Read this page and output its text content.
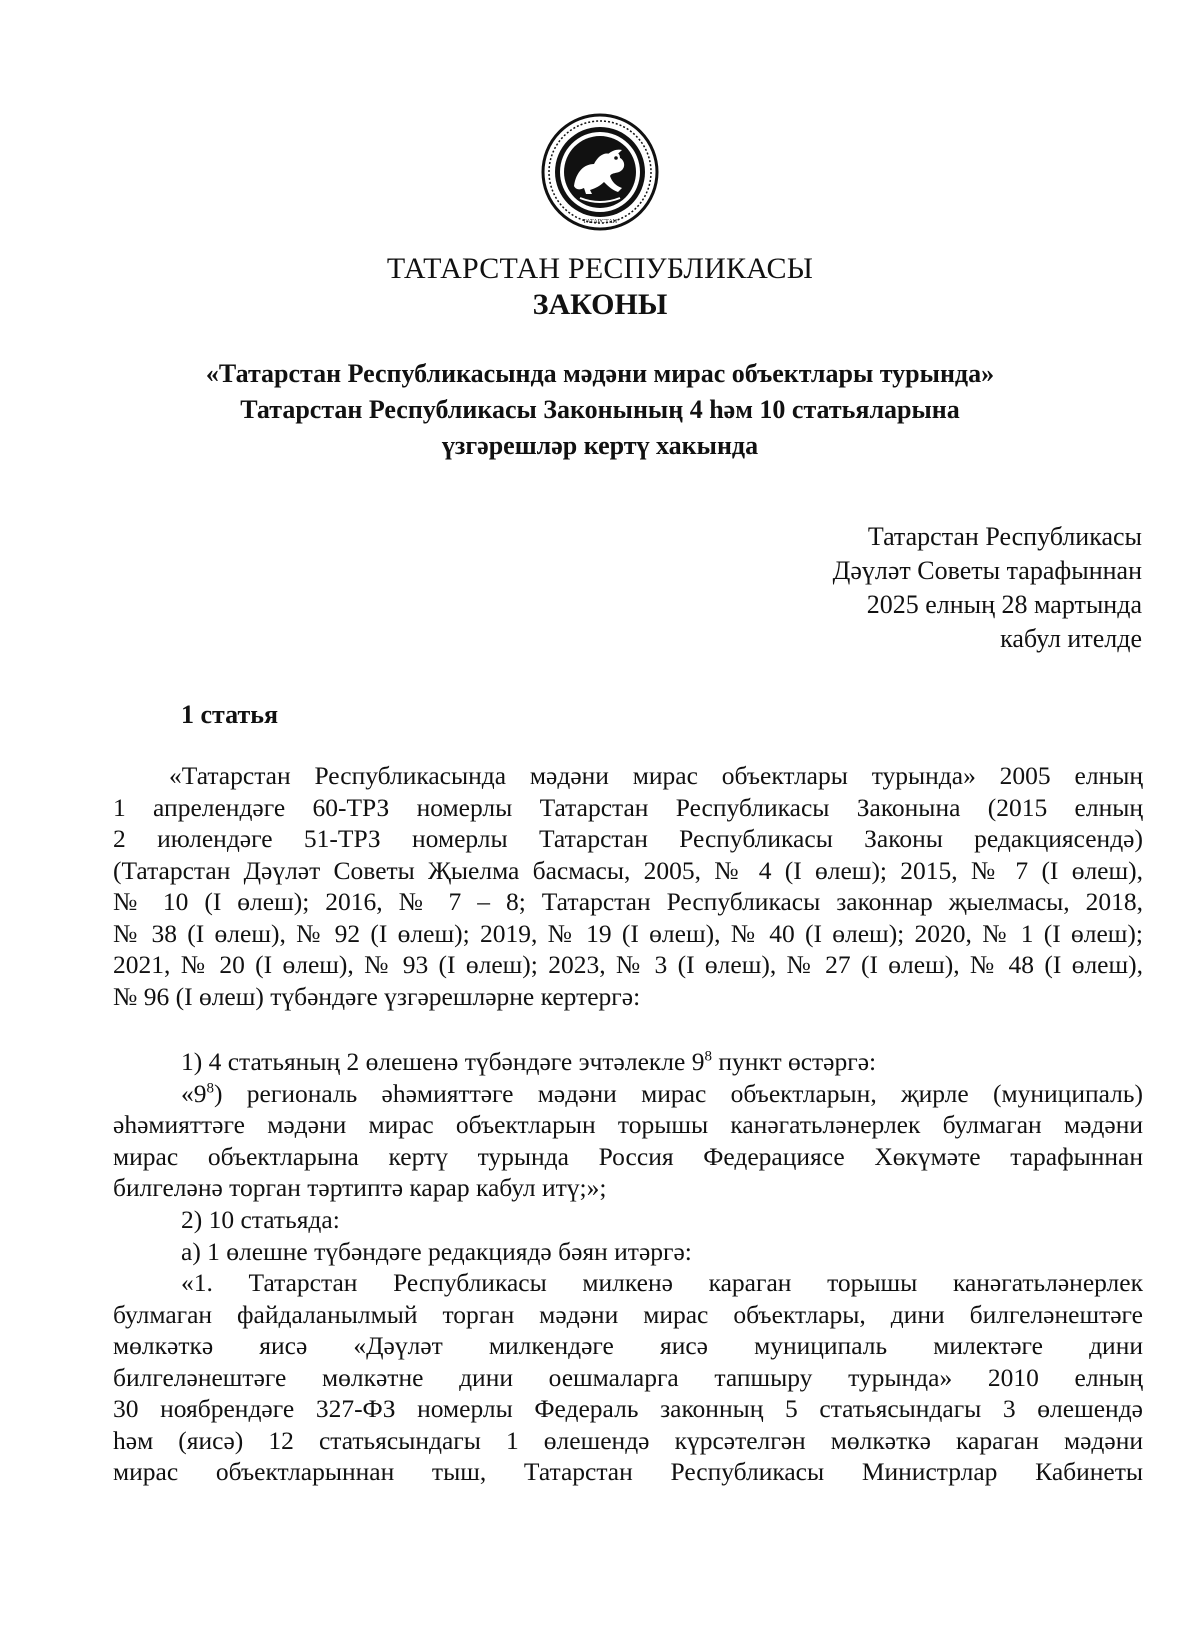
ТАТАРСТАН
ТАТАРСТАН РЕСПУБЛИКАСЫ
ЗАКОНЫ
«Татарстан Республикасында мәдәни мирас объектлары турында»
Татарстан Республикасы Законының 4 һәм 10 статьяларына
үзгәрешләр кертү хакында
Татарстан Республикасы
Дәүләт Советы тарафыннан
2025 елның 28 мартында
кабул ителде
1 статья
«Татарстан Республикасында мәдәни мирас объектлары турында» 2005 елның
1 апрелендәге 60-ТРЗ номерлы Татарстан Республикасы Законына (2015 елның
2 июлендәге 51-ТРЗ номерлы Татарстан Республикасы Законы редакциясендә)
(Татарстан Дәүләт Советы Җыелма басмасы, 2005, № 4 (I өлеш); 2015, № 7 (I өлеш),
№ 10 (I өлеш); 2016, № 7 – 8; Татарстан Республикасы законнар җыелмасы, 2018,
№ 38 (I өлеш), № 92 (I өлеш); 2019, № 19 (I өлеш), № 40 (I өлеш); 2020, № 1 (I өлеш);
2021, № 20 (I өлеш), № 93 (I өлеш); 2023, № 3 (I өлеш), № 27 (I өлеш), № 48 (I өлеш),
№ 96 (I өлеш) түбәндәге үзгәрешләрне кертергә:
1) 4 статьяның 2 өлешенә түбәндәге эчтәлекле $9^8$ пункт өстәргә:
«$9^8$) региональ әһәмияттәге мәдәни мирас объектларын, җирле (муниципаль)
әһәмияттәге мәдәни мирас объектларын торышы канәгатьләнерлек булмаган мәдәни
мирас объектларына кертү турында Россия Федерациясе Хөкүмәте тарафыннан
билгеләнә торган тәртиптә карар кабул итү;»;
2) 10 статьяда:
а) 1 өлешне түбәндәге редакциядә бәян итәргә:
«1. Татарстан Республикасы милкенә караган торышы канәгатьләнерлек
булмаган файдаланылмый торган мәдәни мирас объектлары, дини билгеләнештәге
мөлкәткә яисә «Дәүләт милкендәге яисә муниципаль милектәге дини
билгеләнештәге мөлкәтне дини оешмаларга тапшыру турында» 2010 елның
30 ноябрендәге 327-ФЗ номерлы Федераль законның 5 статьясындагы 3 өлешендә
һәм (яисә) 12 статьясындагы 1 өлешендә күрсәтелгән мөлкәткә караган мәдәни
мирас объектларыннан тыш, Татарстан Республикасы Министрлар Кабинеты
